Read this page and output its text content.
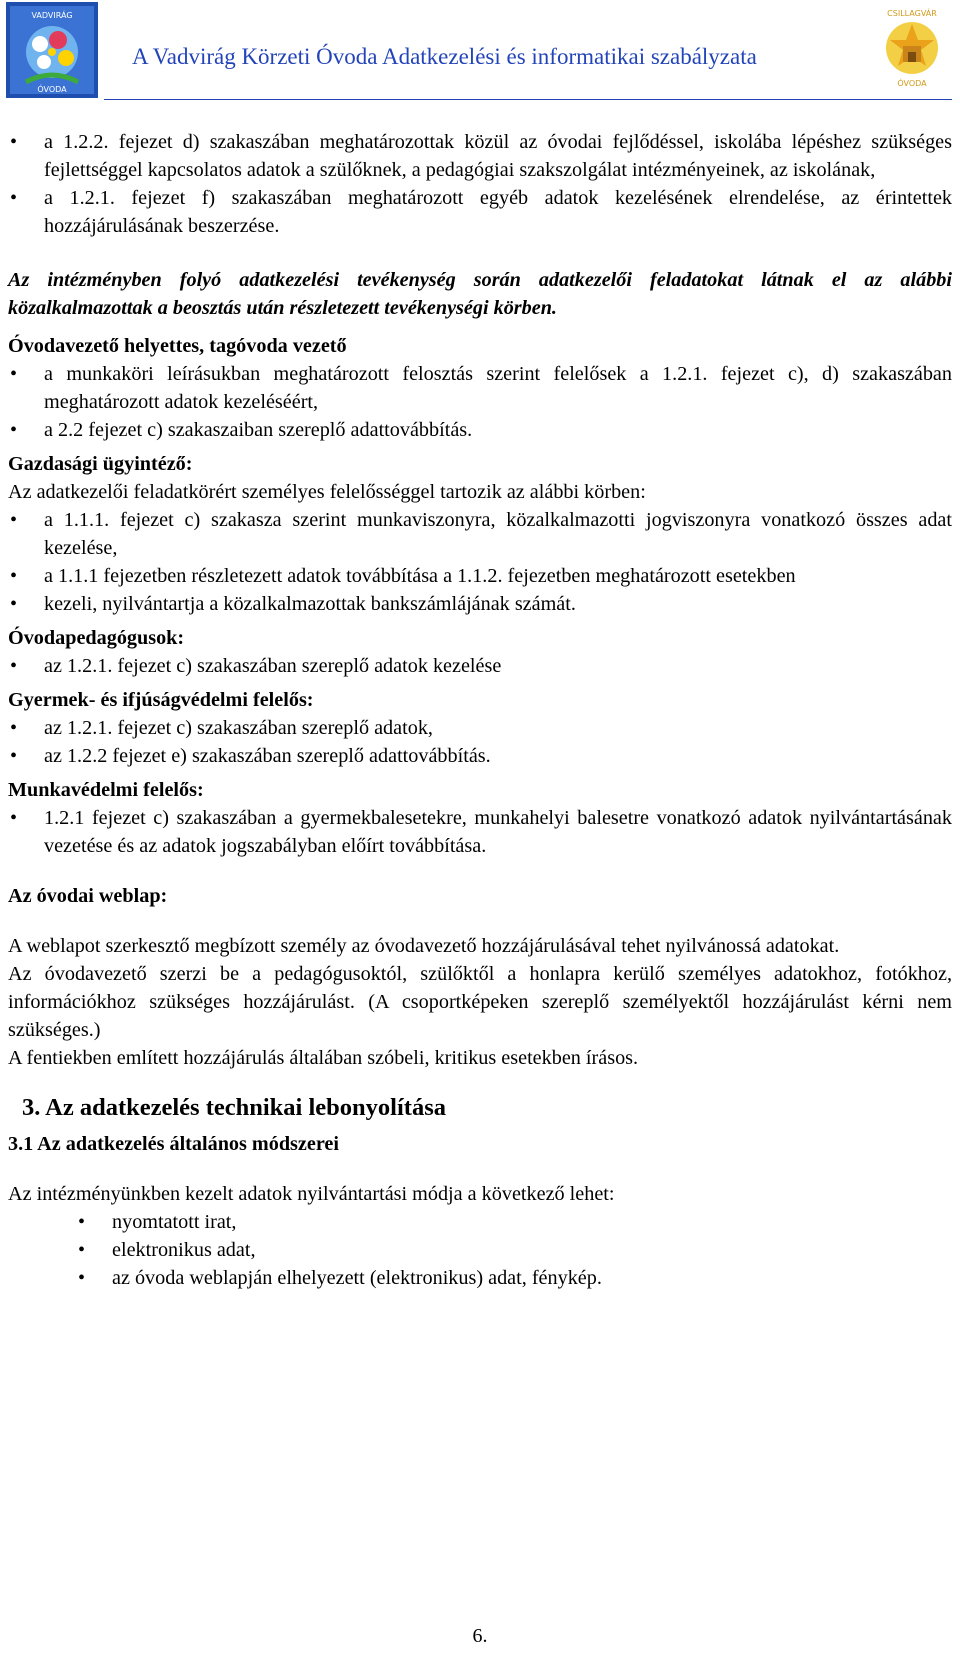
VADVIRÁG
ÓVODA
A Vadvirág Körzeti Óvoda Adatkezelési és informatikai szabályzata
CSILLAGVÁR
ÓVODA
• a 1.2.2. fejezet d) szakaszában meghatározottak közül az óvodai fejlődéssel, iskolába lépéshez szükséges fejlettséggel kapcsolatos adatok a szülőknek, a pedagógiai szakszolgálat intézményeinek, az iskolának,
• a 1.2.1. fejezet f) szakaszában meghatározott egyéb adatok kezelésének elrendelése, az érintettek hozzájárulásának beszerzése.

Az intézményben folyó adatkezelési tevékenység során adatkezelői feladatokat látnak el az alábbi közalkalmazottak a beosztás után részletezett tevékenységi körben.

Óvodavezető helyettes, tagóvoda vezető
• a munkaköri leírásukban meghatározott felosztás szerint felelősek a 1.2.1. fejezet c), d) szakaszában meghatározott adatok kezeléséért,
• a 2.2 fejezet c) szakaszaiban szereplő adattovábbítás.
Gazdasági ügyintéző:
Az adatkezelői feladatkörért személyes felelősséggel tartozik az alábbi körben:
• a 1.1.1. fejezet c) szakasza szerint munkaviszonyra, közalkalmazotti jogviszonyra vonatkozó összes adat kezelése,
• a 1.1.1 fejezetben részletezett adatok továbbítása a 1.1.2. fejezetben meghatározott esetekben
• kezeli, nyilvántartja a közalkalmazottak bankszámlájának számát.
Óvodapedagógusok:
• az 1.2.1. fejezet c) szakaszában szereplő adatok kezelése
Gyermek- és ifjúságvédelmi felelős:
• az 1.2.1. fejezet c) szakaszában szereplő adatok,
• az 1.2.2 fejezet e) szakaszában szereplő adattovábbítás.
Munkavédelmi felelős:
• 1.2.1 fejezet c) szakaszában a gyermekbalesetekre, munkahelyi balesetre vonatkozó adatok nyilvántartásának vezetése és az adatok jogszabályban előírt továbbítása.
Az óvodai weblap:

A weblapot szerkesztő megbízott személy az óvodavezető hozzájárulásával tehet nyilvánossá adatokat.

Az óvodavezető szerzi be a pedagógusoktól, szülőktől a honlapra kerülő személyes adatokhoz, fotókhoz, információkhoz szükséges hozzájárulást. (A csoportképeken szereplő személyektől hozzájárulást kérni nem szükséges.)

A fentiekben említett hozzájárulás általában szóbeli, kritikus esetekben írásos.

3. Az adatkezelés technikai lebonyolítása
3.1 Az adatkezelés általános módszerei
Az intézményünkben kezelt adatok nyilvántartási módja a következő lehet:
• nyomtatott irat,
• elektronikus adat,
• az óvoda weblapján elhelyezett (elektronikus) adat, fénykép.
6.
